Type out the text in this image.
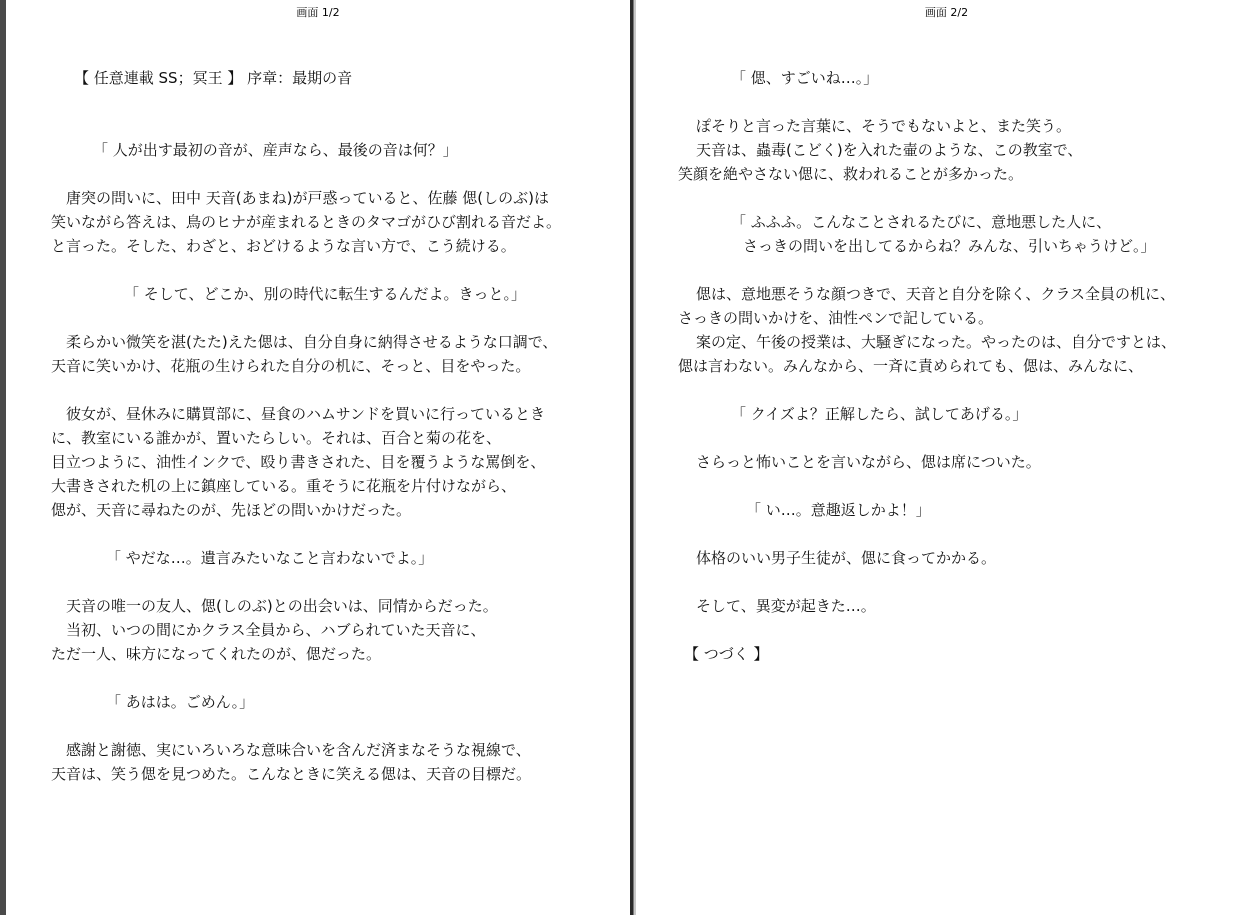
画面 1/2
【 任意連載 SS；冥王 】 序章：最期の音
「 人が出す最初の音が、産声なら、最後の音は何？」
唐突の問いに、田中 天音(あまね)が戸惑っていると、佐藤 偲(しのぶ)は
笑いながら答えは、鳥のヒナが産まれるときのタマゴがひび割れる音だよ。
と言った。そした、わざと、おどけるような言い方で、こう続ける。
「 そして、どこか、別の時代に転生するんだよ。きっと。」
柔らかい微笑を湛(たた)えた偲は、自分自身に納得させるような口調で、
天音に笑いかけ、花瓶の生けられた自分の机に、そっと、目をやった。
彼女が、昼休みに購買部に、昼食のハムサンドを買いに行っているとき
に、教室にいる誰かが、置いたらしい。それは、百合と菊の花を、
目立つように、油性インクで、殴り書きされた、目を覆うような罵倒を、
大書きされた机の上に鎮座している。重そうに花瓶を片付けながら、
偲が、天音に尋ねたのが、先ほどの問いかけだった。
「 やだな…。遺言みたいなこと言わないでよ。」
天音の唯一の友人、偲(しのぶ)との出会いは、同情からだった。
当初、いつの間にかクラス全員から、ハブられていた天音に、
ただ一人、味方になってくれたのが、偲だった。
「 あはは。ごめん。」
感謝と謝徳、実にいろいろな意味合いを含んだ済まなそうな視線で、
天音は、笑う偲を見つめた。こんなときに笑える偲は、天音の目標だ。
画面 2/2
「 偲、すごいね…。」
ぽそりと言った言葉に、そうでもないよと、また笑う。
天音は、蟲毒(こどく)を入れた壷のような、この教室で、
笑顔を絶やさない偲に、救われることが多かった。
「 ふふふ。こんなことされるたびに、意地悪した人に、
さっきの問いを出してるからね？みんな、引いちゃうけど。」
偲は、意地悪そうな顔つきで、天音と自分を除く、クラス全員の机に、
さっきの問いかけを、油性ペンで記している。
案の定、午後の授業は、大騒ぎになった。やったのは、自分ですとは、
偲は言わない。みんなから、一斉に責められても、偲は、みんなに、
「 クイズよ？正解したら、試してあげる。」
さらっと怖いことを言いながら、偲は席についた。
「 い…。意趣返しかよ！」
体格のいい男子生徒が、偲に食ってかかる。
そして、異変が起きた…。
【 つづく 】
